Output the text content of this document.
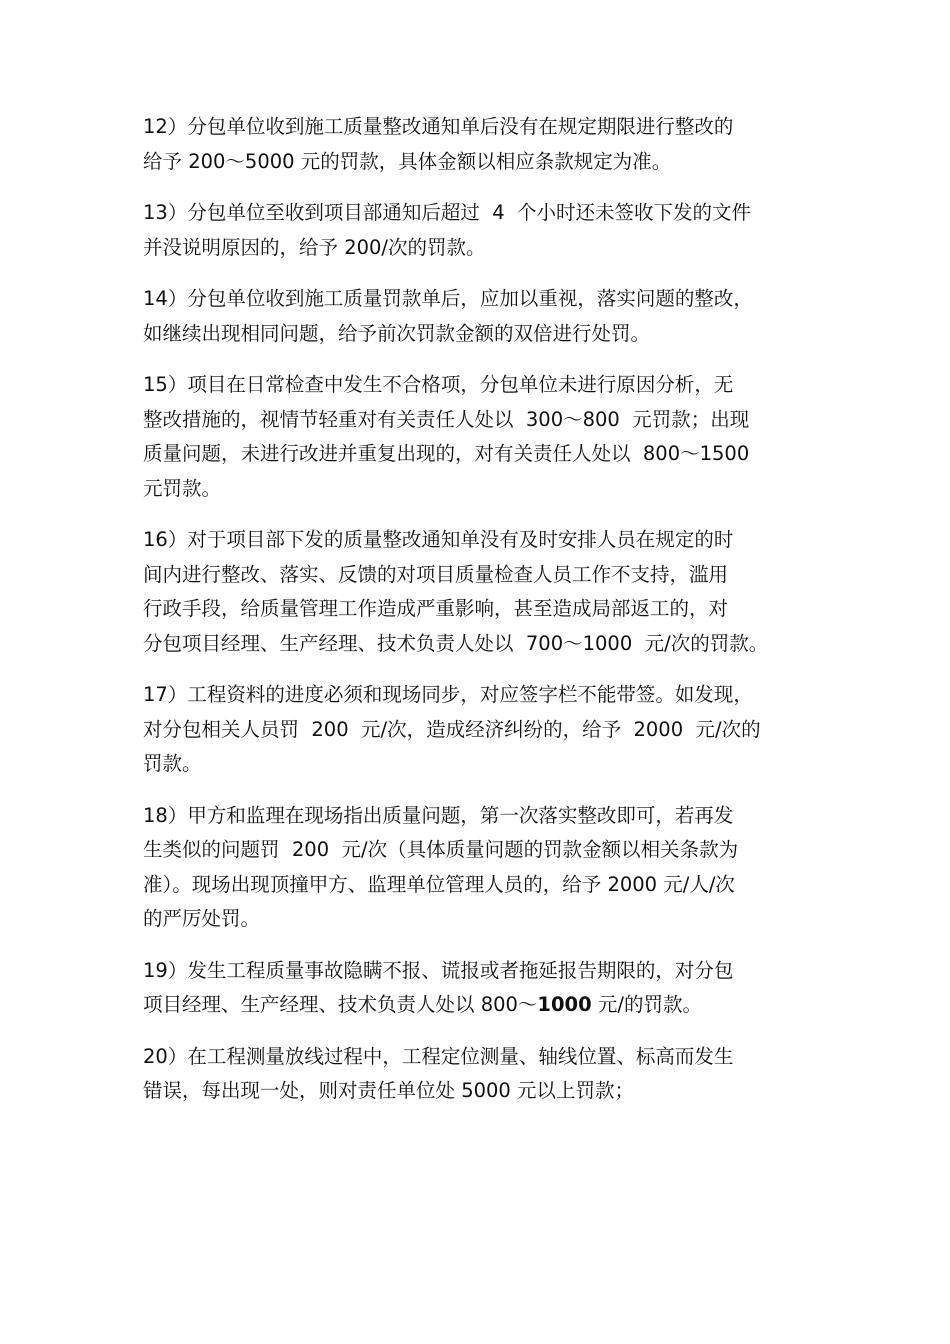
12）分包单位收到施工质量整改通知单后没有在规定期限进行整改的
给予 200～5000 元的罚款，具体金额以相应条款规定为准。

13）分包单位至收到项目部通知后超过  4  个小时还未签收下发的文件
并没说明原因的，给予 200/次的罚款。

14）分包单位收到施工质量罚款单后，应加以重视，落实问题的整改，
如继续出现相同问题，给予前次罚款金额的双倍进行处罚。

15）项目在日常检查中发生不合格项，分包单位未进行原因分析，无
整改措施的，视情节轻重对有关责任人处以  300～800  元罚款；出现
质量问题，未进行改进并重复出现的，对有关责任人处以  800～1500
元罚款。

16）对于项目部下发的质量整改通知单没有及时安排人员在规定的时
间内进行整改、落实、反馈的对项目质量检查人员工作不支持，滥用
行政手段，给质量管理工作造成严重影响，甚至造成局部返工的，对
分包项目经理、生产经理、技术负责人处以  700～1000  元/次的罚款。

17）工程资料的进度必须和现场同步，对应签字栏不能带签。如发现，
对分包相关人员罚  200  元/次，造成经济纠纷的，给予  2000  元/次的
罚款。

18）甲方和监理在现场指出质量问题，第一次落实整改即可，若再发
生类似的问题罚  200  元/次（具体质量问题的罚款金额以相关条款为
准）。现场出现顶撞甲方、监理单位管理人员的，给予 2000 元/人/次
的严厉处罚。

19）发生工程质量事故隐瞒不报、谎报或者拖延报告期限的，对分包
项目经理、生产经理、技术负责人处以 800～1000 元/的罚款。

20）在工程测量放线过程中，工程定位测量、轴线位置、标高而发生
错误，每出现一处，则对责任单位处 5000 元以上罚款；
